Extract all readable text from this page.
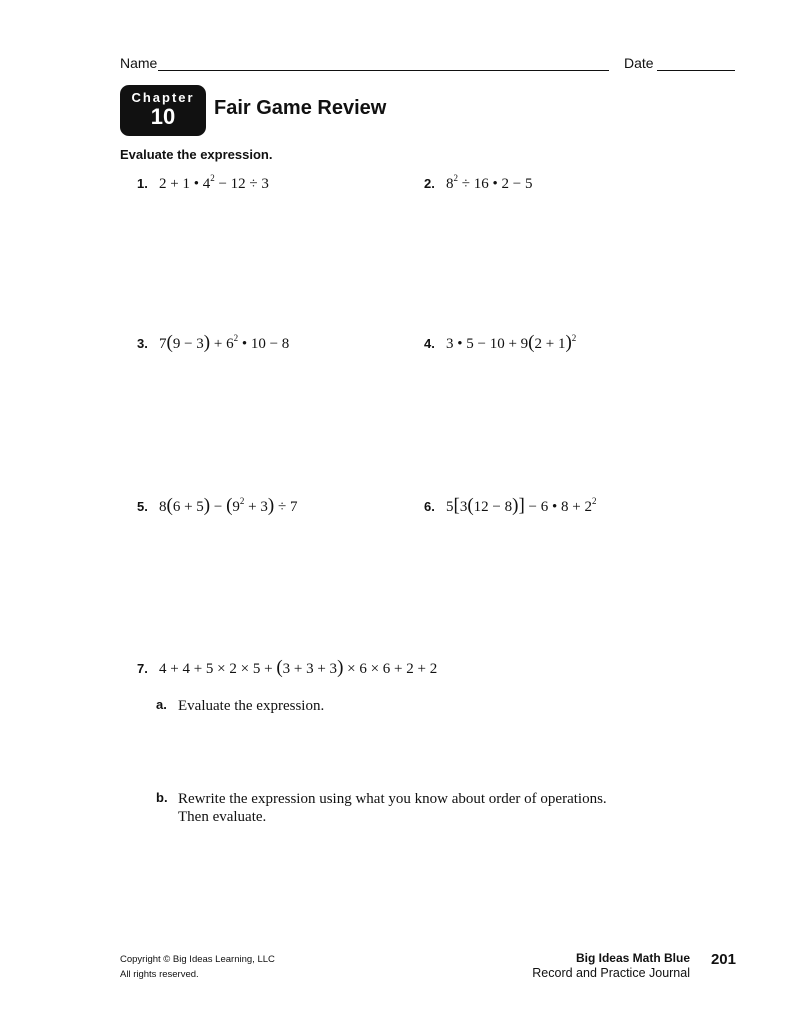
Name	Date
Chapter
10	Fair Game Review
Evaluate the expression.
1. 2 + 1 • $4^2 - 12 \div 3$	2. $8^2 \div 16$ • 2 − 5
3. $7(9 - 3) + 6^2$ • 10 − 8	4. 3 • $5 - 10 + 9(2 + 1)^2$
5. $8(6 + 5) - (9^2 + 3) \div 7$	6. 5[3(12 − 8)] − 6 • $8 + 2^2$
7. 4 + 4 + 5 × 2 × 5 + (3 + 3 + 3) × 6 × 6 + 2 + 2
a. Evaluate the expression.
b. Rewrite the expression using what you know about order of operations.
Then evaluate.
Copyright © Big Ideas Learning, LLC
All rights reserved.
Big Ideas Math Blue
Record and Practice Journal
201
